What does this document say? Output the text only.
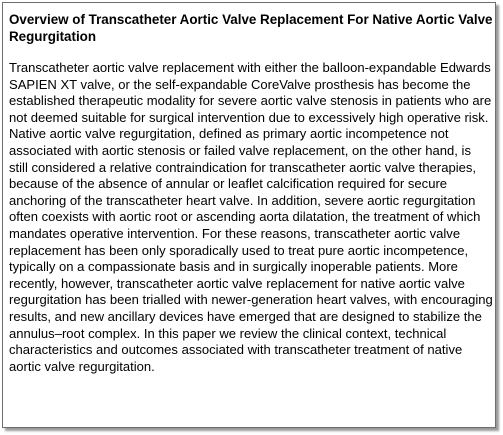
Overview of Transcatheter Aortic Valve Replacement For Native Aortic Valve Regurgitation

Transcatheter aortic valve replacement with either the balloon-expandable Edwards SAPIEN XT valve, or the self-expandable CoreValve prosthesis has become the established therapeutic modality for severe aortic valve stenosis in patients who are not deemed suitable for surgical intervention due to excessively high operative risk. Native aortic valve regurgitation, defined as primary aortic incompetence not associated with aortic stenosis or failed valve replacement, on the other hand, is still considered a relative contraindication for transcatheter aortic valve therapies, because of the absence of annular or leaflet calcification required for secure anchoring of the transcatheter heart valve. In addition, severe aortic regurgitation often coexists with aortic root or ascending aorta dilatation, the treatment of which mandates operative intervention. For these reasons, transcatheter aortic valve replacement has been only sporadically used to treat pure aortic incompetence, typically on a compassionate basis and in surgically inoperable patients. More recently, however, transcatheter aortic valve replacement for native aortic valve regurgitation has been trialled with newer-generation heart valves, with encouraging results, and new ancillary devices have emerged that are designed to stabilize the annulus–root complex. In this paper we review the clinical context, technical characteristics and outcomes associated with transcatheter treatment of native aortic valve regurgitation.
